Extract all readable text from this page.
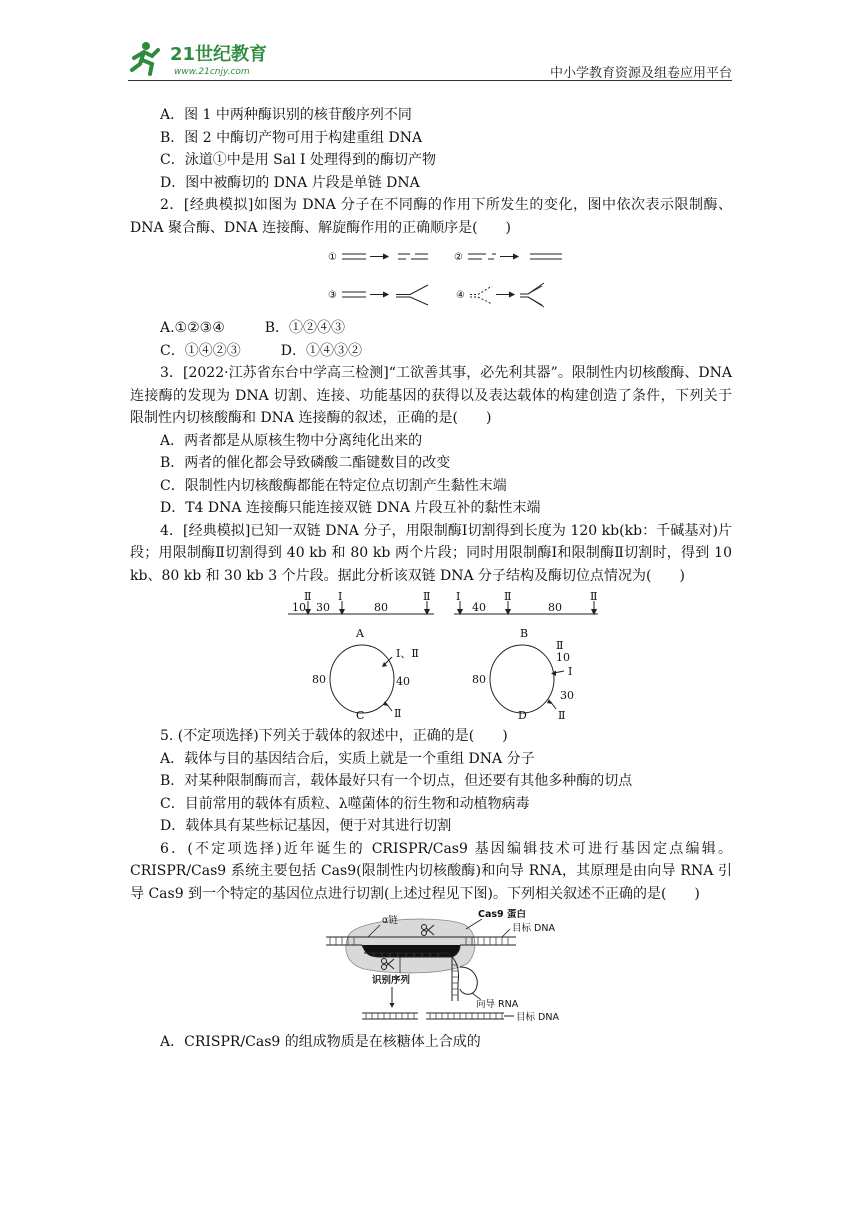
21世纪教育
www.21cnjy.com	中小学教育资源及组卷应用平台
A．图 1 中两种酶识别的核苷酸序列不同
B．图 2 中酶切产物可用于构建重组 DNA
C．泳道①中是用 Sal Ⅰ 处理得到的酶切产物
D．图中被酶切的 DNA 片段是单链 DNA
2．[经典模拟]如图为 DNA 分子在不同酶的作用下所发生的变化，图中依次表示限制酶、DNA 聚合酶、DNA 连接酶、解旋酶作用的正确顺序是(　　)
①	②
③	④
A.①②③④	B．①②④③
C．①④②③	D．①④③②
3．[2022·江苏省东台中学高三检测]“工欲善其事，必先利其器”。限制性内切核酸酶、DNA 连接酶的发现为 DNA 切割、连接、功能基因的获得以及表达载体的构建创造了条件，下列关于限制性内切核酸酶和 DNA 连接酶的叙述，正确的是(　　)
A．两者都是从原核生物中分离纯化出来的
B．两者的催化都会导致磷酸二酯键数目的改变
C．限制性内切核酸酶都能在特定位点切割产生黏性末端
D．T4 DNA 连接酶只能连接双链 DNA 片段互补的黏性末端
4．[经典模拟]已知一双链 DNA 分子，用限制酶Ⅰ切割得到长度为 120 kb(kb：千碱基对)片段；用限制酶Ⅱ切割得到 40 kb 和 80 kb 两个片段；同时用限制酶Ⅰ和限制酶Ⅱ切割时，得到 10 kb、80 kb 和 30 kb 3 个片段。据此分析该双链 DNA 分子结构及酶切位点情况为(　　)
Ⅱ Ⅰ	Ⅱ
10 30	80
A
Ⅰ	Ⅱ	Ⅱ
40	80
B
Ⅰ、Ⅱ
Ⅱ
80	40
Ⅱ
10
Ⅰ
Ⅱ
80
30
C	D
5. (不定项选择)下列关于载体的叙述中，正确的是(　　)
A．载体与目的基因结合后，实质上就是一个重组 DNA 分子
B．对某种限制酶而言，载体最好只有一个切点，但还要有其他多种酶的切点
C．目前常用的载体有质粒、λ噬菌体的衍生物和动植物病毒
D．载体具有某些标记基因，便于对其进行切割
6．(不定项选择)近年诞生的 CRISPR/Cas9 基因编辑技术可进行基因定点编辑。CRISPR/Cas9 系统主要包括 Cas9(限制性内切核酸酶)和向导 RNA，其原理是由向导 RNA 引导 Cas9 到一个特定的基因位点进行切割(上述过程见下图)。下列相关叙述不正确的是(　　)
α链
Cas9 蛋白
目标 DNA
识别序列
向导 RNA
目标 DNA
A．CRISPR/Cas9 的组成物质是在核糖体上合成的
